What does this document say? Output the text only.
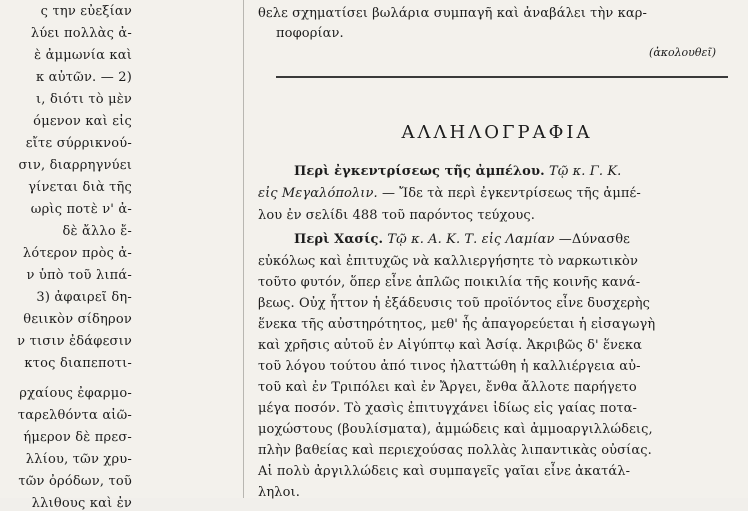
ς την εὐεξίαν
λύει πολλὰς ἀ-
ὲ ἀμμωνία καὶ
κ αὐτῶν. — 2)
ι, διότι τὸ μὲν
όμενον καὶ εἰς
εἴτε σύρρικνού-
σιν, διαρρηγνύει
γίνεται διὰ τῆς
ωρὶς ποτὲ ν' ἀ-
δὲ ἄλλο ἔ-
λότερον πρὸς ἀ-
ν ὑπὸ τοῦ λιπά-
3) ἀφαιρεῖ δη-
θειικὸν σίδηρον
ν τισιν ἐδάφεσιν
κτος διαπεποτι-
ρχαίους ἐφαρμο-
ταρελθόντα αἰῶ-
ήμερον δὲ πρεσ-
λλίου, τῶν χρυ-
τῶν ὀρόδων, τοῦ
λλιθους καὶ ἐν
θελε σχηματίσει βωλάρια συμπαγῆ καὶ ἀναβάλει τὴν καρ-
ποφορίαν.
(ἀκολουθεῖ)
ΑΛΛΗΛΟΓΡΑΦΙΑ
Περὶ ἐγκεντρίσεως τῆς ἀμπέλου. Τῷ κ. Γ. Κ.
εἰς Μεγαλόπολιν. — Ἴδε τὰ περὶ ἐγκεντρίσεως τῆς ἀμπέ-
λου ἐν σελίδι 488 τοῦ παρόντος τεύχους.
Περὶ Χασίς. Τῷ κ. Α. Κ. Τ. εἰς Λαμίαν —Δύνασθε
εὐκόλως καὶ ἐπιτυχῶς νὰ καλλιεργήσητε τὸ ναρκωτικὸν
τοῦτο φυτόν, ὅπερ εἶνε ἁπλῶς ποικιλία τῆς κοινῆς κανά-
βεως. Οὐχ ἧττον ἡ ἐξάδευσις τοῦ προϊόντος εἶνε δυσχερὴς
ἕνεκα τῆς αὐστηρότητος, μεθ' ἧς ἀπαγορεύεται ἡ εἰσαγωγὴ
καὶ χρῆσις αὐτοῦ ἐν Αἰγύπτῳ καὶ Ἀσίᾳ. Ἀκριβῶς δ' ἕνεκα
τοῦ λόγου τούτου ἀπό τινος ἠλαττώθη ἡ καλλιέργεια αὐ-
τοῦ καὶ ἐν Τριπόλει καὶ ἐν Ἄργει, ἔνθα ἄλλοτε παρήγετο
μέγα ποσόν. Τὸ χασὶς ἐπιτυγχάνει ἰδίως εἰς γαίας ποτα-
μοχώστους (βουλίσματα), ἀμμώδεις καὶ ἀμμοαργιλλώδεις,
πλὴν βαθείας καὶ περιεχούσας πολλὰς λιπαντικὰς οὐσίας.
Αἱ πολὺ ἀργιλλώδεις καὶ συμπαγεῖς γαῖαι εἶνε ἀκατάλ-
ληλοι.
